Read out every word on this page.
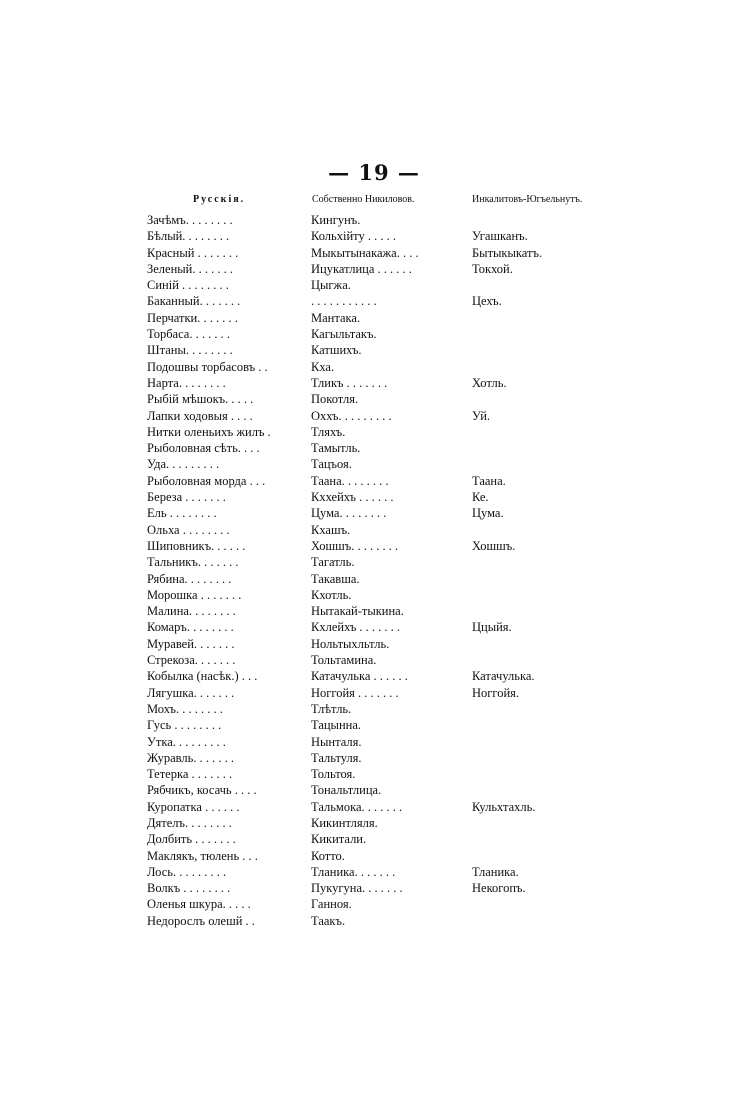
— 19 —
Русскія.	Собственно Никиловов.	Инкалитовъ-Югъельнутъ.
Зачѣмъ. . . . . . . .	Кингунъ.
Бѣлый. . . . . . . .	Кольхійту . . . . .	Угашканъ.
Красный . . . . . . .	Мыкытынакажа. . . .	Бытыкыкатъ.
Зеленый. . . . . . .	Ицукатлица . . . . . .	Токхой.
Синій . . . . . . . .	Цыгжа.
Баканный. . . . . . .	. . . . . . . . . . .	Цехъ.
Перчатки. . . . . . .	Мантака.
Торбаса. . . . . . .	Кагыльтакъ.
Штаны. . . . . . . .	Катшихъ.
Подошвы торбасовъ . .	Кха.
Нарта. . . . . . . .	Тликъ . . . . . . .	Хотль.
Рыбій мѣшокъ. . . . .	Покотля.
Лапки ходовыя . . . .	Оххъ. . . . . . . . .	Уй.
Нитки оленьихъ жилъ .	Тляхъ.
Рыболовная сѣть. . . .	Тамытль.
Уда. . . . . . . . .	Тацъоя.
Рыболовная морда . . .	Таана. . . . . . . .	Таана.
Береза . . . . . . .	Кххейхъ . . . . . .	Ке.
Ель . . . . . . . .	Цума. . . . . . . .	Цума.
Ольха . . . . . . . .	Кхашъ.
Шиповникъ. . . . . .	Хошшъ. . . . . . . .	Хошшъ.
Тальникъ. . . . . . .	Тагатль.
Рябина. . . . . . . .	Такавша.
Морошка . . . . . . .	Кхотль.
Малина. . . . . . . .	Нытакай-тыкина.
Комаръ. . . . . . . .	Кхлейхъ . . . . . . .	Ццыйя.
Муравей. . . . . . .	Нольтыхльтль.
Стрекоза. . . . . . .	Тольтамина.
Кобылка (насѣк.) . . .	Катачулька . . . . . .	Катачулька.
Лягушка. . . . . . .	Ноггойя . . . . . . .	Ноггойя.
Мохъ. . . . . . . .	Тлѣтль.
Гусь . . . . . . . .	Тацынна.
Утка. . . . . . . . .	Нынталя.
Журавль. . . . . . .	Тальтуля.
Тетерка . . . . . . .	Тольтоя.
Рябчикъ, косачь . . . .	Тональтлица.
Куропатка . . . . . .	Тальмока. . . . . . .	Кульхтахль.
Дятелъ. . . . . . . .	Кикинтляля.
Долбить . . . . . . .	Кикитали.
Маклякъ, тюлень . . .	Котто.
Лось. . . . . . . . .	Тланика. . . . . . .	Тланика.
Волкъ . . . . . . . .	Пукугуна. . . . . . .	Некогопъ.
Оленья шкура. . . . .	Ганноя.
Недорослъ олешй . .	Таакъ.
